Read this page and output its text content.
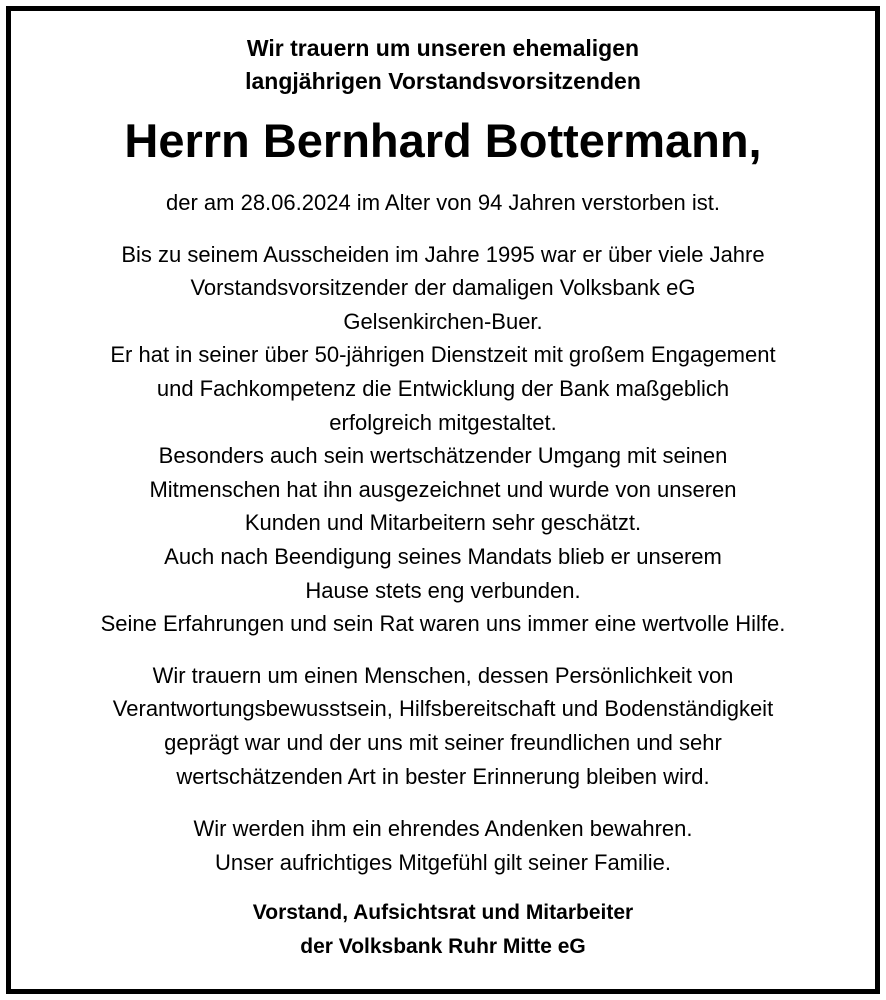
Wir trauern um unseren ehemaligen
langjährigen Vorstandsvorsitzenden
Herrn Bernhard Bottermann,
der am 28.06.2024 im Alter von 94 Jahren verstorben ist.
Bis zu seinem Ausscheiden im Jahre 1995 war er über viele Jahre
Vorstandsvorsitzender der damaligen Volksbank eG
Gelsenkirchen-Buer.
Er hat in seiner über 50-jährigen Dienstzeit mit großem Engagement
und Fachkompetenz die Entwicklung der Bank maßgeblich
erfolgreich mitgestaltet.
Besonders auch sein wertschätzender Umgang mit seinen
Mitmenschen hat ihn ausgezeichnet und wurde von unseren
Kunden und Mitarbeitern sehr geschätzt.
Auch nach Beendigung seines Mandats blieb er unserem
Hause stets eng verbunden.
Seine Erfahrungen und sein Rat waren uns immer eine wertvolle Hilfe.
Wir trauern um einen Menschen, dessen Persönlichkeit von
Verantwortungsbewusstsein, Hilfsbereitschaft und Bodenständigkeit
geprägt war und der uns mit seiner freundlichen und sehr
wertschätzenden Art in bester Erinnerung bleiben wird.
Wir werden ihm ein ehrendes Andenken bewahren.
Unser aufrichtiges Mitgefühl gilt seiner Familie.
Vorstand, Aufsichtsrat und Mitarbeiter
der Volksbank Ruhr Mitte eG
